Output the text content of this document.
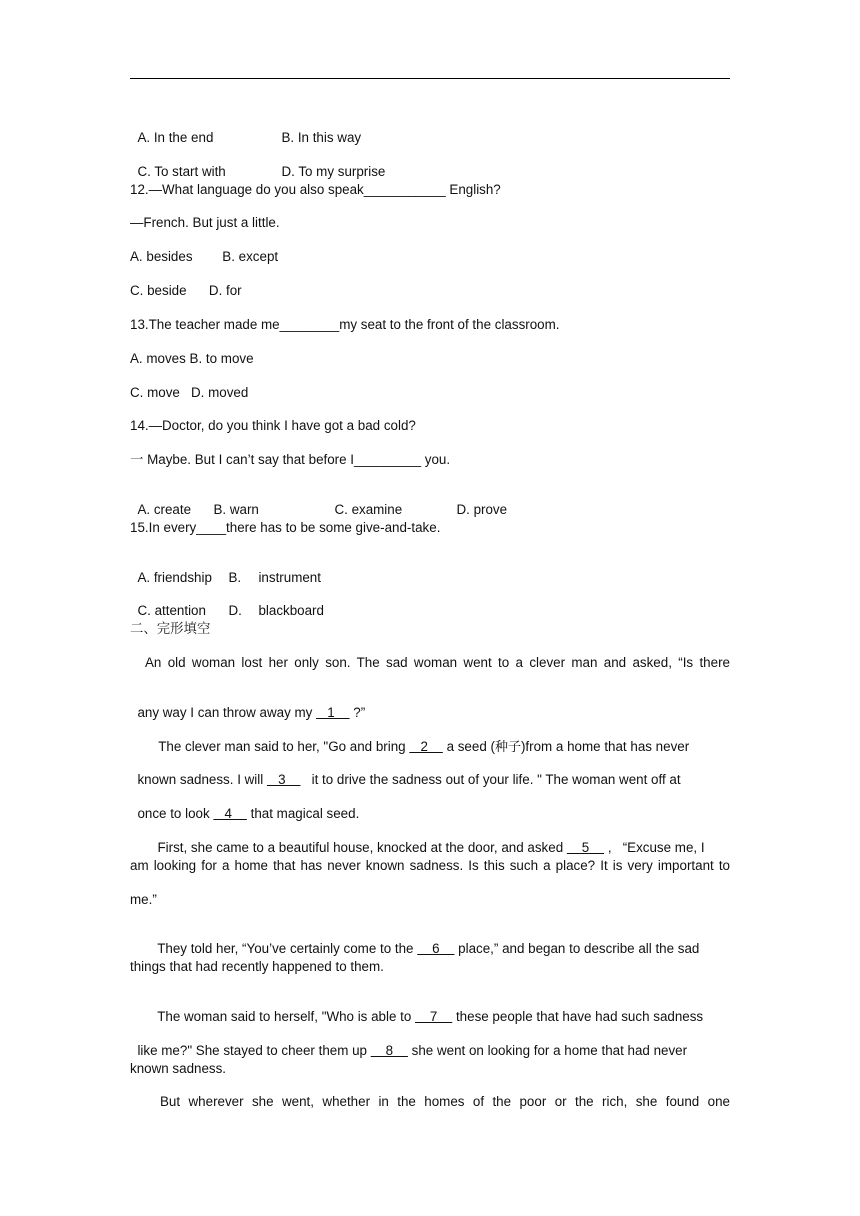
A. In the end	B. In this way

C. To start with	D. To my surprise

12.—What language do you also speak___________ English?
—French. But just a little.
A. besides        B. except
C. beside      D. for
13.The teacher made me________my seat to the front of the classroom.
A. moves B. to move
C. move   D. moved
14.—Doctor, do you think I have got a bad cold?
一 Maybe. But I can’t say that before I_________ you.

A. create B. warn	C. examine	D. prove

15.In every____there has to be some give-and-take.

A. friendship B. instrument

C. attention D. blackboard

二、完形填空
An old woman lost her only son. The sad woman went to a clever man and asked, “Is there

any way I can throw away my    1     ?”

The clever man said to her, "Go and bring    2     a seed (种子)from a home that has never

known sadness. I will    3       it to drive the sadness out of your life. " The woman went off at

once to look    4     that magical seed.

First, she came to a beautiful house, knocked at the door, and asked     5     ,   “Excuse me, I

am looking for a home that has never known sadness. Is this such a place? It is very important to
me.”

They told her, “You’ve certainly come to the     6     place,” and began to describe all the sad

things that had recently happened to them.

The woman said to herself, "Who is able to     7     these people that have had such sadness

like me?" She stayed to cheer them up     8     she went on looking for a home that had never

known sadness.
But wherever she went, whether in the homes of the poor or the rich, she found one
